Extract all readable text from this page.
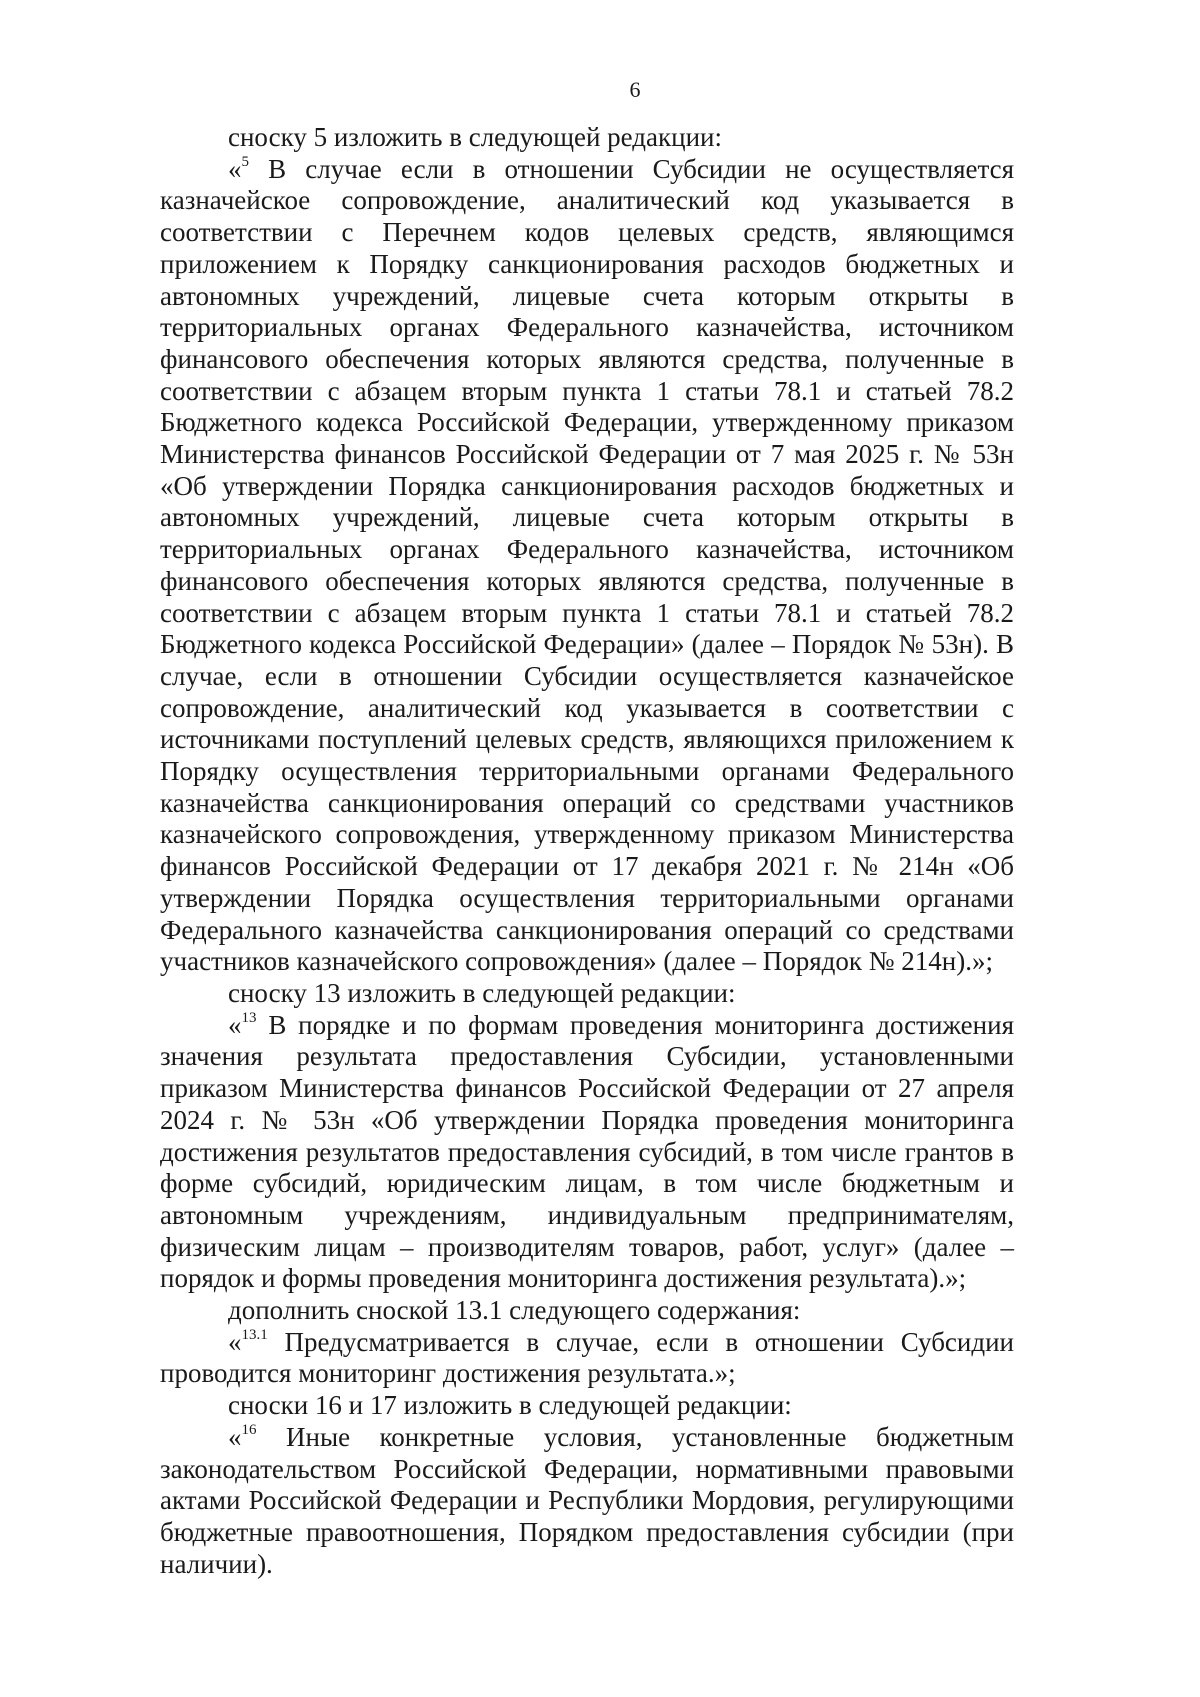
6

сноску 5 изложить в следующей редакции:

«$^5$ В случае если в отношении Субсидии не осуществляется казначейское сопровождение, аналитический код указывается в соответствии с Перечнем кодов целевых средств, являющимся приложением к Порядку санкционирования расходов бюджетных и автономных учреждений, лицевые счета которым открыты в территориальных органах Федерального казначейства, источником финансового обеспечения которых являются средства, полученные в соответствии с абзацем вторым пункта 1 статьи 78.1 и статьей 78.2 Бюджетного кодекса Российской Федерации, утвержденному приказом Министерства финансов Российской Федерации от 7 мая 2025 г. № 53н «Об утверждении Порядка санкционирования расходов бюджетных и автономных учреждений, лицевые счета которым открыты в территориальных органах Федерального казначейства, источником финансового обеспечения которых являются средства, полученные в соответствии с абзацем вторым пункта 1 статьи 78.1 и статьей 78.2 Бюджетного кодекса Российской Федерации» (далее – Порядок № 53н). В случае, если в отношении Субсидии осуществляется казначейское сопровождение, аналитический код указывается в соответствии с источниками поступлений целевых средств, являющихся приложением к Порядку осуществления территориальными органами Федерального казначейства санкционирования операций со средствами участников казначейского сопровождения, утвержденному приказом Министерства финансов Российской Федерации от 17 декабря 2021 г. № 214н «Об утверждении Порядка осуществления территориальными органами Федерального казначейства санкционирования операций со средствами участников казначейского сопровождения» (далее – Порядок № 214н).»;

сноску 13 изложить в следующей редакции:

«$^{13}$ В порядке и по формам проведения мониторинга достижения значения результата предоставления Субсидии, установленными приказом Министерства финансов Российской Федерации от 27 апреля 2024 г. № 53н «Об утверждении Порядка проведения мониторинга достижения результатов предоставления субсидий, в том числе грантов в форме субсидий, юридическим лицам, в том числе бюджетным и автономным учреждениям, индивидуальным предпринимателям, физическим лицам – производителям товаров, работ, услуг» (далее – порядок и формы проведения мониторинга достижения результата).»;

дополнить сноской 13.1 следующего содержания:

«$^{13.1}$ Предусматривается в случае, если в отношении Субсидии проводится мониторинг достижения результата.»;

сноски 16 и 17 изложить в следующей редакции:

«$^{16}$ Иные конкретные условия, установленные бюджетным законодательством Российской Федерации, нормативными правовыми актами Российской Федерации и Республики Мордовия, регулирующими бюджетные правоотношения, Порядком предоставления субсидии (при наличии).
